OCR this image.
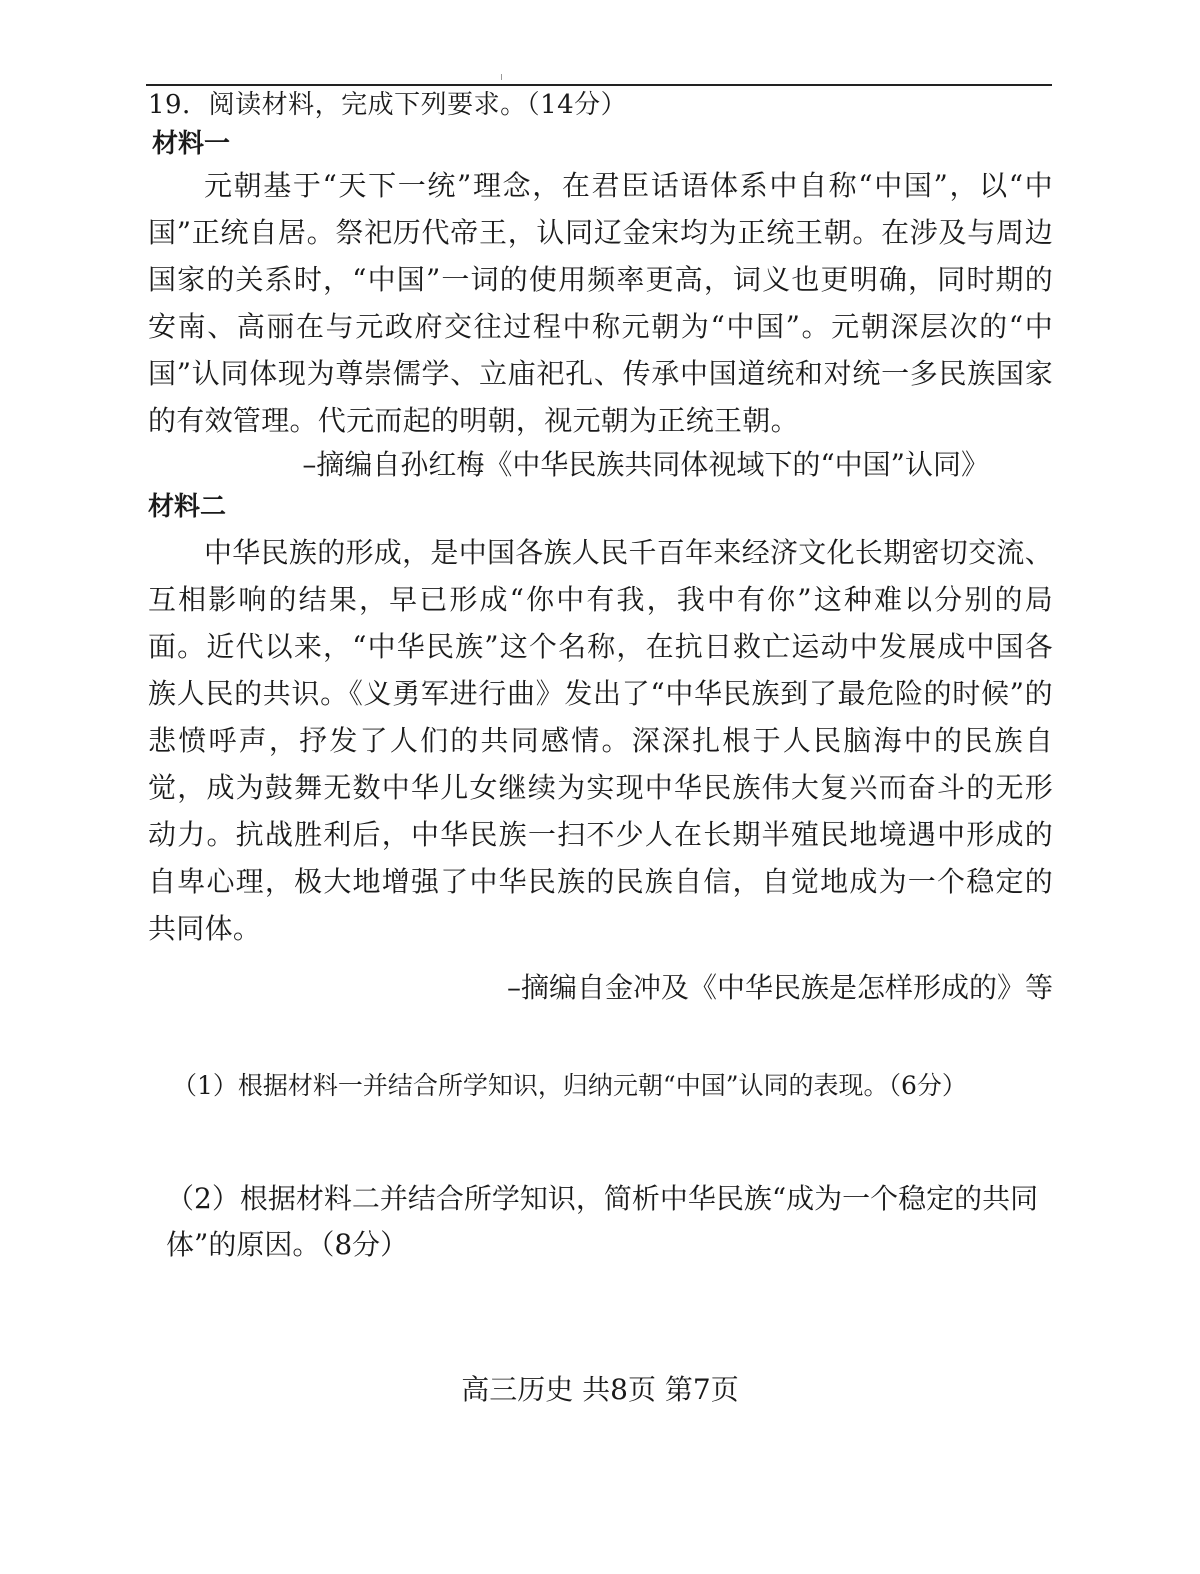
19．阅读材料，完成下列要求。（14分）

材料一

元朝基于“天下一统”理念，在君臣话语体系中自称“中国”，以“中国”正统自居。祭祀历代帝王，认同辽金宋均为正统王朝。在涉及与周边国家的关系时，“中国”一词的使用频率更高，词义也更明确，同时期的安南、高丽在与元政府交往过程中称元朝为“中国”。元朝深层次的“中国”认同体现为尊崇儒学、立庙祀孔、传承中国道统和对统一多民族国家的有效管理。代元而起的明朝，视元朝为正统王朝。

–摘编自孙红梅《中华民族共同体视域下的“中国”认同》

材料二

中华民族的形成，是中国各族人民千百年来经济文化长期密切交流、互相影响的结果，早已形成“你中有我，我中有你”这种难以分别的局面。近代以来，“中华民族”这个名称，在抗日救亡运动中发展成中国各族人民的共识。《义勇军进行曲》发出了“中华民族到了最危险的时候”的悲愤呼声，抒发了人们的共同感情。深深扎根于人民脑海中的民族自觉，成为鼓舞无数中华儿女继续为实现中华民族伟大复兴而奋斗的无形动力。抗战胜利后，中华民族一扫不少人在长期半殖民地境遇中形成的自卑心理，极大地增强了中华民族的民族自信，自觉地成为一个稳定的共同体。

–摘编自金冲及《中华民族是怎样形成的》等

（1）根据材料一并结合所学知识，归纳元朝“中国”认同的表现。（6分）

（2）根据材料二并结合所学知识，简析中华民族“成为一个稳定的共同体”的原因。（8分）

高三历史 共8页 第7页
